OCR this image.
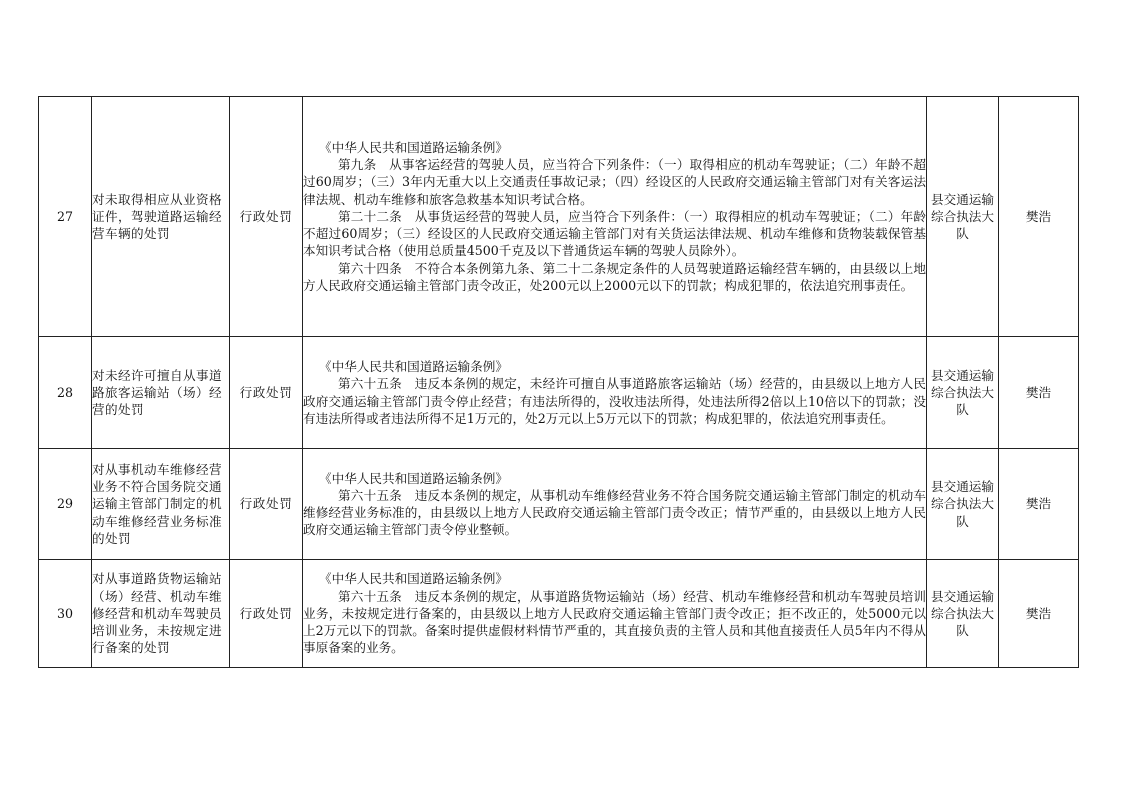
27	对未取得相应从业资格证件，驾驶道路运输经营车辆的处罚	行政处罚	《中华人民共和国道路运输条例》

第九条　从事客运经营的驾驶人员，应当符合下列条件：（一）取得相应的机动车驾驶证；（二）年龄不超过60周岁；（三）3年内无重大以上交通责任事故记录；（四）经设区的人民政府交通运输主管部门对有关客运法律法规、机动车维修和旅客急救基本知识考试合格。

第二十二条　从事货运经营的驾驶人员，应当符合下列条件：（一）取得相应的机动车驾驶证；（二）年龄不超过60周岁；（三）经设区的人民政府交通运输主管部门对有关货运法律法规、机动车维修和货物装载保管基本知识考试合格（使用总质量4500千克及以下普通货运车辆的驾驶人员除外）。

第六十四条　不符合本条例第九条、第二十二条规定条件的人员驾驶道路运输经营车辆的，由县级以上地方人民政府交通运输主管部门责令改正，处200元以上2000元以下的罚款；构成犯罪的，依法追究刑事责任。	县交通运输综合执法大队	樊浩
28	对未经许可擅自从事道路旅客运输站（场）经营的处罚	行政处罚	《中华人民共和国道路运输条例》

第六十五条　违反本条例的规定，未经许可擅自从事道路旅客运输站（场）经营的，由县级以上地方人民政府交通运输主管部门责令停止经营；有违法所得的，没收违法所得，处违法所得2倍以上10倍以下的罚款；没有违法所得或者违法所得不足1万元的，处2万元以上5万元以下的罚款；构成犯罪的，依法追究刑事责任。	县交通运输综合执法大队	樊浩
29	对从事机动车维修经营业务不符合国务院交通运输主管部门制定的机动车维修经营业务标准的处罚	行政处罚	《中华人民共和国道路运输条例》

第六十五条　违反本条例的规定，从事机动车维修经营业务不符合国务院交通运输主管部门制定的机动车维修经营业务标准的，由县级以上地方人民政府交通运输主管部门责令改正；情节严重的，由县级以上地方人民政府交通运输主管部门责令停业整顿。	县交通运输综合执法大队	樊浩
30	对从事道路货物运输站（场）经营、机动车维修经营和机动车驾驶员培训业务，未按规定进行备案的处罚	行政处罚	《中华人民共和国道路运输条例》

第六十五条　违反本条例的规定，从事道路货物运输站（场）经营、机动车维修经营和机动车驾驶员培训业务，未按规定进行备案的，由县级以上地方人民政府交通运输主管部门责令改正；拒不改正的，处5000元以上2万元以下的罚款。备案时提供虚假材料情节严重的，其直接负责的主管人员和其他直接责任人员5年内不得从事原备案的业务。	县交通运输综合执法大队	樊浩
